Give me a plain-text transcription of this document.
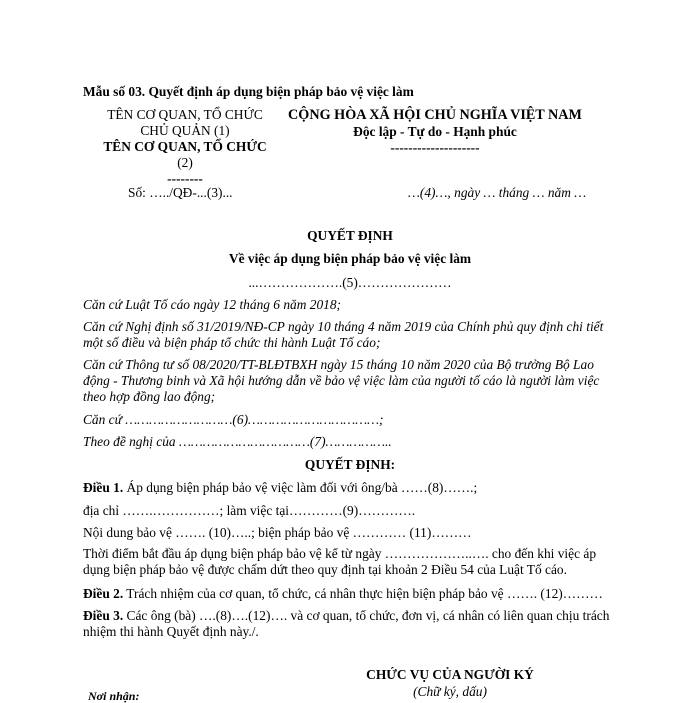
Mẫu số 03. Quyết định áp dụng biện pháp bảo vệ việc làm
TÊN CƠ QUAN, TỔ CHỨC
CHỦ QUẢN (1)
TÊN CƠ QUAN, TỔ CHỨC
(2)
--------
Số: …../QĐ-...(3)...
CỘNG HÒA XÃ HỘI CHỦ NGHĨA VIỆT NAM
Độc lập - Tự do - Hạnh phúc
--------------------
…(4)…, ngày … tháng … năm …
QUYẾT ĐỊNH
Về việc áp dụng biện pháp bảo vệ việc làm
...……………….(5)…………………
Căn cứ Luật Tố cáo ngày 12 tháng 6 năm 2018;
Căn cứ Nghị định số 31/2019/NĐ-CP ngày 10 tháng 4 năm 2019 của Chính phủ quy định chi tiết một số điều và biện pháp tổ chức thi hành Luật Tố cáo;
Căn cứ Thông tư số 08/2020/TT-BLĐTBXH ngày 15 tháng 10 năm 2020 của Bộ trưởng Bộ Lao động - Thương binh và Xã hội hướng dẫn về bảo vệ việc làm của người tố cáo là người làm việc theo hợp đồng lao động;
Căn cứ ………………………(6)……………………………;
Theo đề nghị của ……………………………(7)……………..
QUYẾT ĐỊNH:
Điều 1. Áp dụng biện pháp bảo vệ việc làm đối với ông/bà ……(8)…….;
địa chỉ …….……………; làm việc tại…………(9)………….
Nội dung bảo vệ ……. (10)…..; biện pháp bảo vệ ………… (11)………
Thời điểm bắt đầu áp dụng biện pháp bảo vệ kể từ ngày ………………..…. cho đến khi việc áp dụng biện pháp bảo vệ được chấm dứt theo quy định tại khoản 2 Điều 54 của Luật Tố cáo.
Điều 2. Trách nhiệm của cơ quan, tổ chức, cá nhân thực hiện biện pháp bảo vệ ……. (12)………
Điều 3. Các ông (bà) ….(8)….(12)…. và cơ quan, tổ chức, đơn vị, cá nhân có liên quan chịu trách nhiệm thi hành Quyết định này./.
CHỨC VỤ CỦA NGƯỜI KÝ
(Chữ ký, dấu)
Nơi nhận:
